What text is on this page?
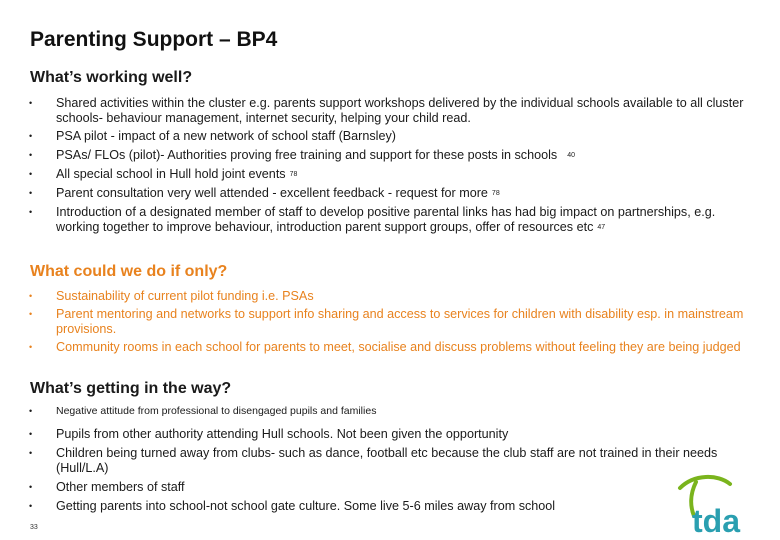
Parenting Support – BP4
What’s working well?
• Shared activities within the cluster e.g. parents support workshops delivered by the individual schools available to all cluster schools- behaviour management, internet security, helping your child read.
• PSA pilot - impact of a new network of school staff (Barnsley)
• PSAs/ FLOs (pilot)- Authorities proving free training and support for these posts in schools $^{40}$
• All special school in Hull hold joint events $^{78}$
• Parent consultation very well attended - excellent feedback - request for more $^{78}$
• Introduction of a designated member of staff to develop positive parental links has had big impact on partnerships, e.g. working together to improve behaviour, introduction parent support groups, offer of resources etc $^{47}$
What could we do if only?
• Sustainability of current pilot funding i.e. PSAs
• Parent mentoring and networks to support info sharing and access to services for children with disability esp. in mainstream provisions.
• Community rooms in each school for parents to meet, socialise and discuss problems without feeling they are being judged
What’s getting in the way?
• Negative attitude from professional to disengaged pupils and families
• Pupils from other authority attending Hull schools. Not been given the opportunity
• Children being turned away from clubs- such as dance, football etc because the club staff are not trained in their needs (Hull/L.A)
• Other members of staff
• Getting parents into school-not school gate culture. Some live 5-6 miles away from school
33	tda
